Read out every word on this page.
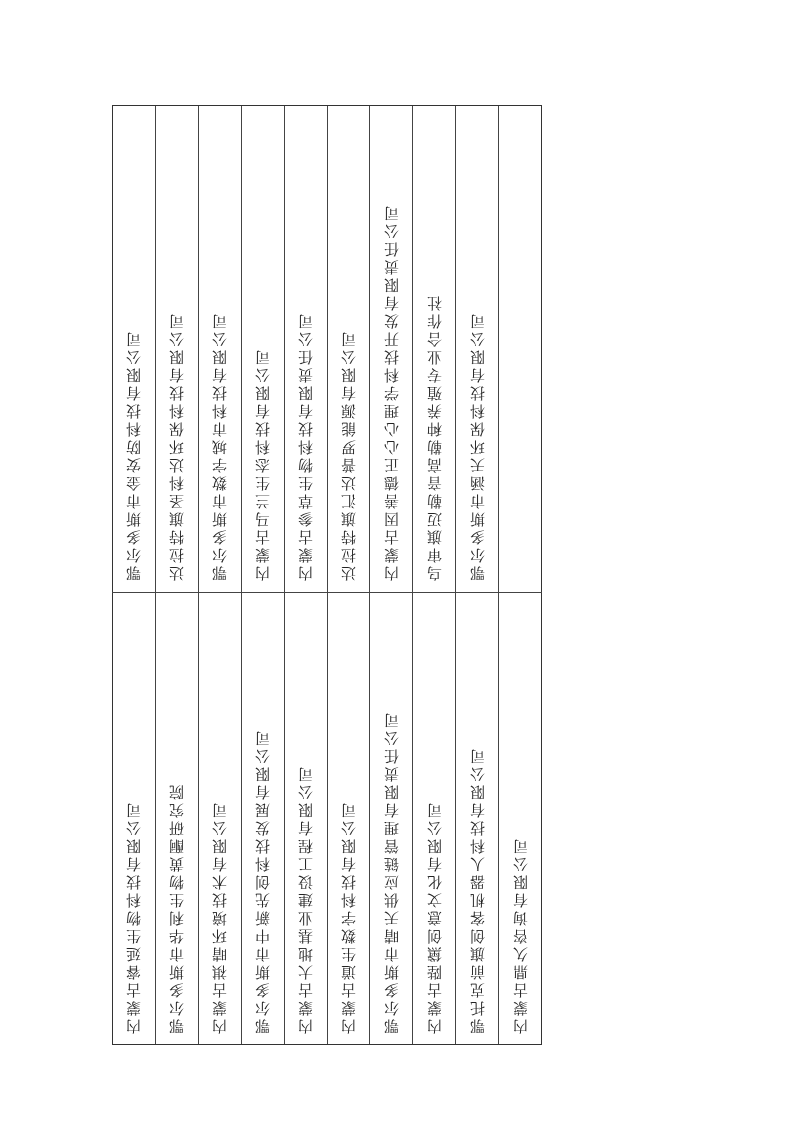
鄂尔多斯市金安防科技有限公司
内蒙古睿延生物科技有限公司
达拉特旗圣科达环保科技有限公司
鄂尔多斯市华利生物黄酮研究院
鄂尔多斯市数字城市科技有限公司
内蒙古祺晴环境技术有限公司
内蒙古马兰生态科技有限公司
鄂尔多斯市中新先创科技发展有限公司
内蒙古参草生物科技有限责任公司
内蒙古大地基业建设工程有限公司
达拉特旗汇达普罗能源有限公司
内蒙古道生数字科技有限公司
内蒙古因善德正心心理学科技开发有限责任公司
鄂尔多斯市晴天供应链管理有限责任公司
乌审旗迈勒音高勒种养殖专业合作社
内蒙古陛黛创意文化有限公司
鄂尔多斯市涵天环保科技有限公司
鄂托克前旗创客机器人科技有限公司 内蒙古鼎久咨询有限公司
